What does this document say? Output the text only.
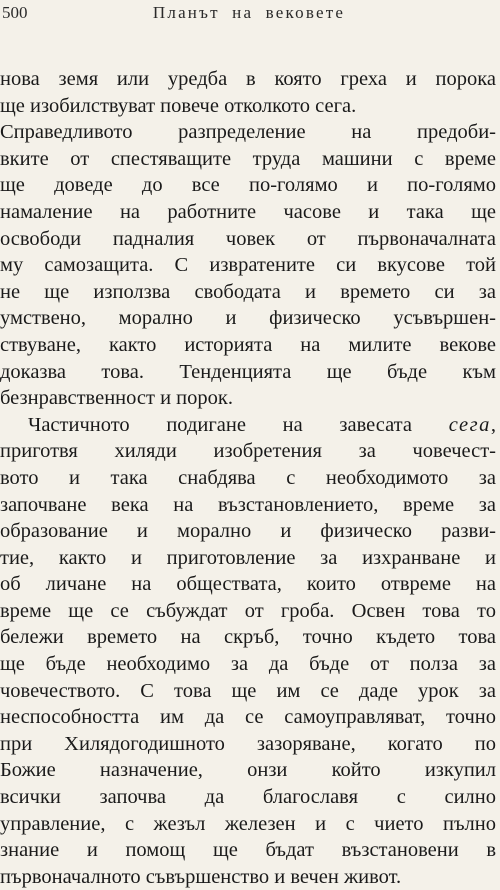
500	Планът на вековете

нова земя или уредба в която греха и порока
ще изобилствуват повече отколкото сега.
Справедливото разпределение на предоби-
вките от спестяващите труда машини с време
ще доведе до все по-голямо и по-голямо
намаление на работните часове и така ще
освободи падналия човек от първоначалната
му самозащита. С извратените си вкусове той
не ще използва свободата и времето си за
умствено, морално и физическо усъвършен-
ствуване, както историята на милите векове
доказва това. Тенденцията ще бъде към
безнравственност и порок.

Частичното подигане на завесата сега,
приготвя хиляди изобретения за човечест-
вото и така снабдява с необходимото за
започване века на възстановлението, време за
образование и морално и физическо разви-
тие, както и приготовление за изхранване и
об личане на обществата, които отвреме на
време ще се събуждат от гроба. Освен това то
бележи времето на скръб, точно където това
ще бъде необходимо за да бъде от полза за
човечеството. С това ще им се даде урок за
неспособността им да се самоуправляват, точно
при Хилядогодишното зазоряване, когато по
Божие назначение, онзи който изкупил
всички започва да благославя с силно
управление, с жезъл железен и с чието пълно
знание и помощ ще бъдат възстановени в
първоначалното съвършенство и вечен живот.
